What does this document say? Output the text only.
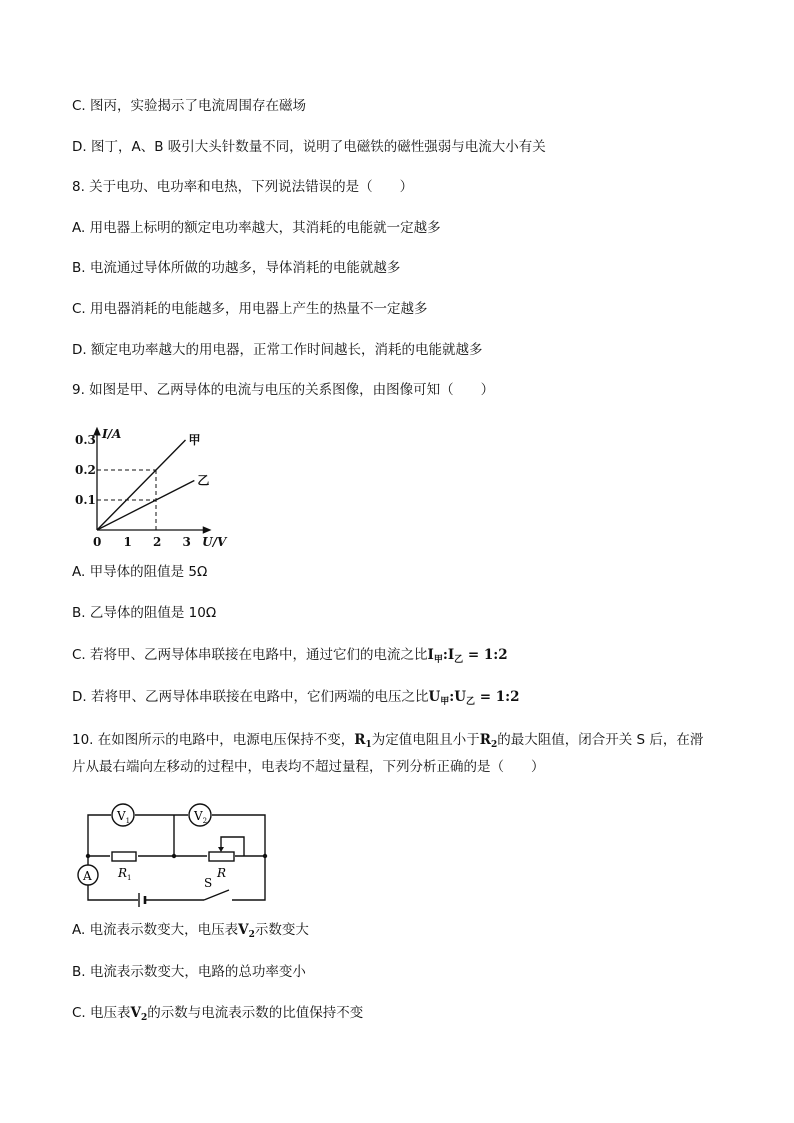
C. 图丙，实验揭示了电流周围存在磁场
D. 图丁，A、B 吸引大头针数量不同，说明了电磁铁的磁性强弱与电流大小有关
8. 关于电功、电功率和电热，下列说法错误的是（　　）
A. 用电器上标明的额定电功率越大，其消耗的电能就一定越多
B. 电流通过导体所做的功越多，导体消耗的电能就越多
C. 用电器消耗的电能越多，用电器上产生的热量不一定越多
D. 额定电功率越大的用电器，正常工作时间越长，消耗的电能就越多
9. 如图是甲、乙两导体的电流与电压的关系图像，由图像可知（　　）
甲
乙
0 1 2 3
0.1
0.2
0.3 I/A
U/V
A. 甲导体的阻值是 5Ω
B. 乙导体的阻值是 10Ω
C. 若将甲、乙两导体串联接在电路中，通过它们的电流之比$I_甲:I_乙$ = 1:2
D. 若将甲、乙两导体串联接在电路中，它们两端的电压之比$U_甲:U_乙$ = 1:2
10. 在如图所示的电路中，电源电压保持不变，$R_1$为定值电阻且小于$R_2$的最大阻值，闭合开关 S 后，在滑
片从最右端向左移动的过程中，电表均不超过量程，下列分析正确的是（　　）
$V_1$	$V_2$
$R_1$	R
A	S
A. 电流表示数变大，电压表$V_2$示数变大
B. 电流表示数变大，电路的总功率变小
C. 电压表$V_2$的示数与电流表示数的比值保持不变
